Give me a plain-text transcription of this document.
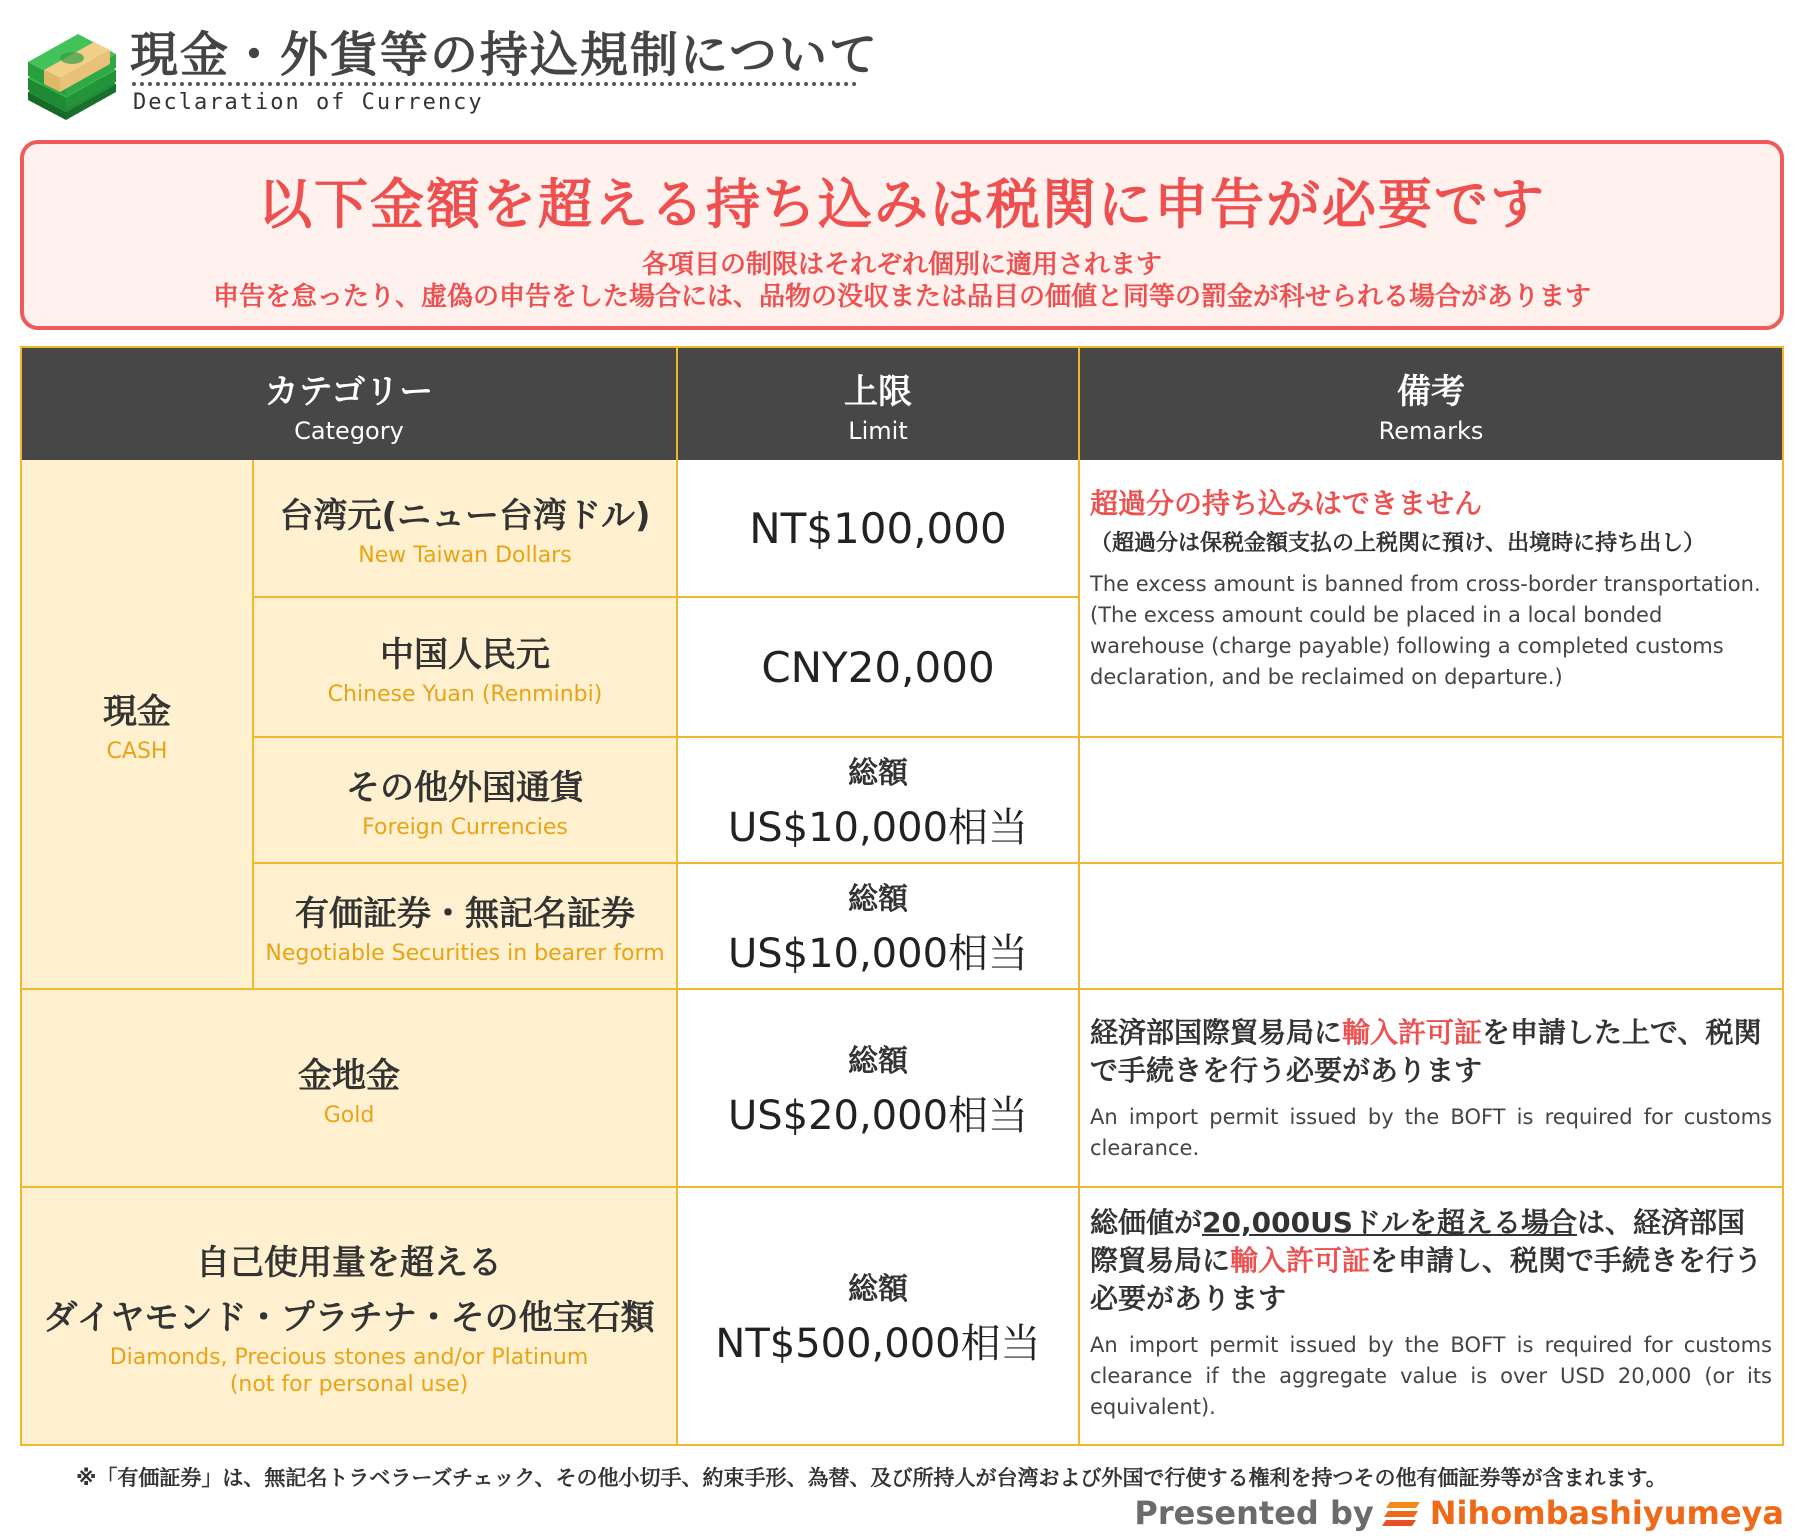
現金・外貨等の持込規制について
Declaration of Currency
以下金額を超える持ち込みは税関に申告が必要です
各項目の制限はそれぞれ個別に適用されます
申告を怠ったり、虚偽の申告をした場合には、品物の没収または品目の価値と同等の罰金が科せられる場合があります
カテゴリー
Category
上限
Limit
備考
Remarks
現金
CASH
台湾元(ニュー台湾ドル)
New Taiwan Dollars
NT$100,000
中国人民元
Chinese Yuan (Renminbi)
CNY20,000
超過分の持ち込みはできません
（超過分は保税金額支払の上税関に預け、出境時に持ち出し）
The excess amount is banned from cross-border transportation. (The excess amount could be placed in a local bonded warehouse (charge payable) following a completed customs declaration, and be reclaimed on departure.)
その他外国通貨
Foreign Currencies
総額
US$10,000相当
有価証券・無記名証券
Negotiable Securities in bearer form
総額
US$10,000相当
金地金
Gold
総額
US$20,000相当
経済部国際貿易局に輸入許可証を申請した上で、税関で手続きを行う必要があります
An import permit issued by the BOFT is required for customs clearance.
自己使用量を超える
ダイヤモンド・プラチナ・その他宝石類
Diamonds, Precious stones and/or Platinum
(not for personal use)
総額
NT$500,000相当
総価値が20,000USドルを超える場合は、経済部国際貿易局に輸入許可証を申請し、税関で手続きを行う必要があります
An import permit issued by the BOFT is required for customs clearance if the aggregate value is over USD 20,000 (or its equivalent).
※「有価証券」は、無記名トラベラーズチェック、その他小切手、約束手形、為替、及び所持人が台湾および外国で行使する権利を持つその他有価証券等が含まれます。
Presented by Nihombashiyumeya
